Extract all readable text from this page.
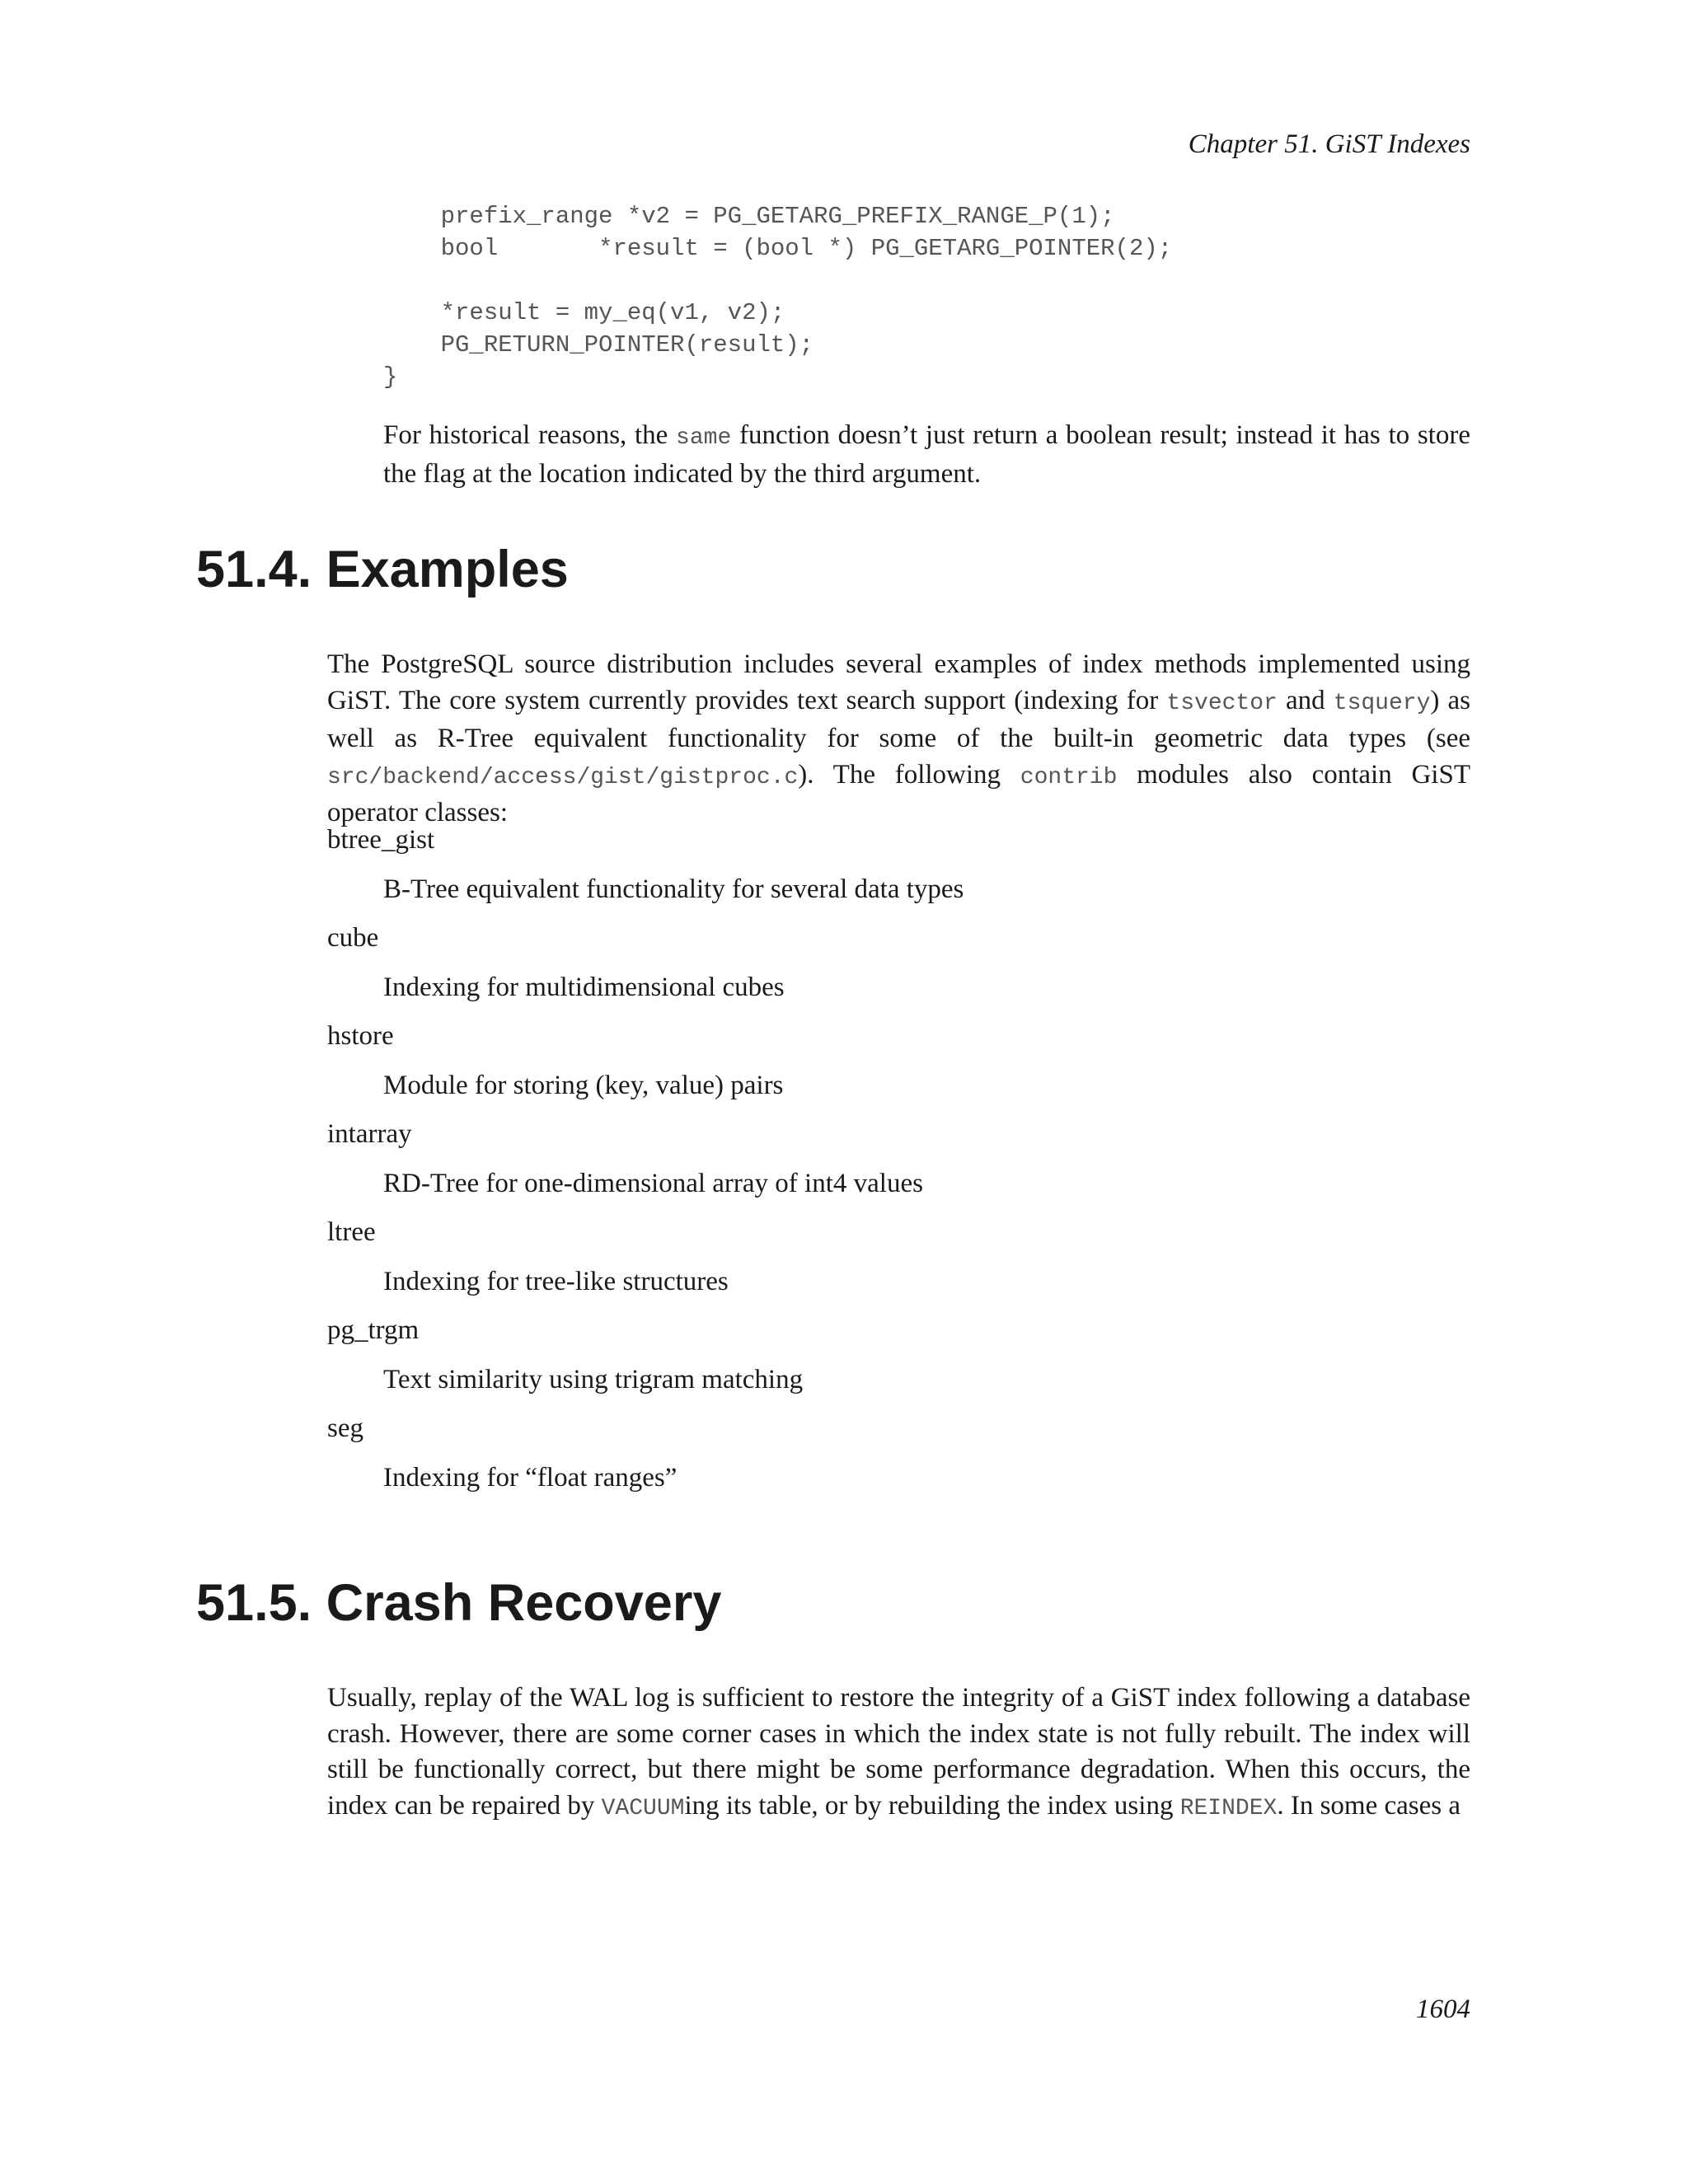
Chapter 51. GiST Indexes
prefix_range *v2 = PG_GETARG_PREFIX_RANGE_P(1);
bool       *result = (bool *) PG_GETARG_POINTER(2);

*result = my_eq(v1, v2);
PG_RETURN_POINTER(result);
}

For historical reasons, the same function doesn’t just return a boolean result; instead it has to store the flag at the location indicated by the third argument.

51.4. Examples

The PostgreSQL source distribution includes several examples of index methods implemented using GiST. The core system currently provides text search support (indexing for tsvector and tsquery) as well as R-Tree equivalent functionality for some of the built-in geometric data types (see src/backend/access/gist/gistproc.c). The following contrib modules also contain GiST operator classes:

btree_gist
B-Tree equivalent functionality for several data types
cube
Indexing for multidimensional cubes
hstore
Module for storing (key, value) pairs
intarray
RD-Tree for one-dimensional array of int4 values
ltree
Indexing for tree-like structures
pg_trgm
Text similarity using trigram matching
seg
Indexing for “float ranges”
51.5. Crash Recovery

Usually, replay of the WAL log is sufficient to restore the integrity of a GiST index following a database crash. However, there are some corner cases in which the index state is not fully rebuilt. The index will still be functionally correct, but there might be some performance degradation. When this occurs, the index can be repaired by VACUUMing its table, or by rebuilding the index using REINDEX. In some cases a

1604
